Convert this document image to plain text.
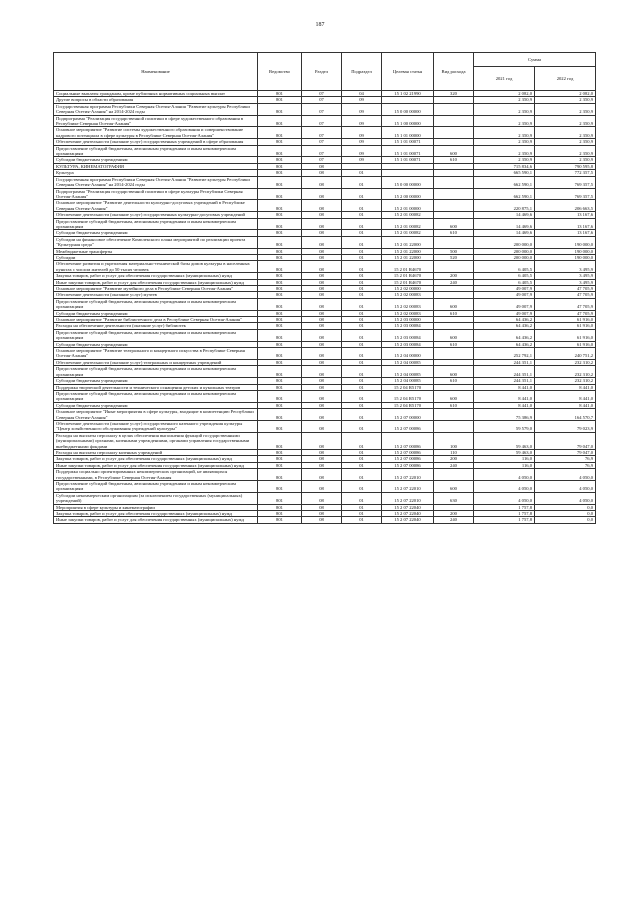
187
Наименование	Ведомство	Раздел	Подраздел	Целевая статья	Вид расхода	Сумма	
						2021 год	2022 год
Социальные выплаты гражданам, кроме публичных нормативных социальных выплат	801	07	04	15 1 02 21990	320	2 082,0	2 082,0
Другие вопросы в области образования	801	07	09			2 350,9	2 350,9
Государственная программа Республики Северная Осетия-Алания "Развитие культуры Республики Северная Осетия-Алания" на 2014-2024 годы	801	07	09	15 0 00 00000		2 350,9	2 350,9
Подпрограмма "Реализация государственной политики в сфере художественного образования в Республике Северная Осетия-Алания"	801	07	09	15 1 00 00000		2 350,9	2 350,9
Основное мероприятие "Развитие системы художественного образования и совершенствование кадрового потенциала в сфере культуры в Республике Северная Осетия-Алания"	801	07	09	15 1 01 00000		2 350,9	2 350,9
Обеспечение деятельности (оказание услуг) государственных учреждений в сфере образования	801	07	09	15 1 01 00071		2 350,9	2 350,9
Предоставление субсидий бюджетным, автономным учреждениям и иным некоммерческим организациям	801	07	09	15 1 01 00071	600	2 350,9	2 350,9
Субсидии бюджетным учреждениям	801	07	09	15 1 01 00071	610	2 350,9	2 350,9
КУЛЬТУРА, КИНЕМАТОГРАФИЯ	801	08				715 834,6	790 595,8
Культура	801	08	01			665 590,1	772 357,5
Государственная программа Республики Северная Осетия-Алания "Развитие культуры Республики Северная Осетия-Алания" на 2014-2024 годы	801	08	01	15 0 00 00000		662 590,1	769 357,5
Подпрограмма "Реализация государственной политики в сфере культуры Республики Северная Осетия-Алания"	801	08	01	15 2 00 00000		662 590,1	769 357,5
Основное мероприятие "Развитие деятельности культурно-досуговых учреждений в Республике Северная Осетия-Алания"	801	08	01	15 2 01 00000		220 875,1	206 663,5
Обеспечение деятельности (оказание услуг) государственных культурно-досуговых учреждений	801	08	01	15 2 01 00082		14 469,6	13 167,6
Предоставление субсидий бюджетным, автономным учреждениям и иным некоммерческим организациям	801	08	01	15 2 01 00082	600	14 469,6	13 167,6
Субсидии бюджетным учреждениям	801	08	01	15 2 01 00082	610	14 469,6	13 167,6
Субсидии на финансовое обеспечение Комплексного плана мероприятий по реализации проекта "Культурная среда"	801	08	01	15 2 01 22000		200 000,0	190 000,0
Межбюджетные трансферты	801	08	01	15 2 01 22000	500	200 000,0	190 000,0
Субсидии	801	08	01	15 2 01 22000	520	200 000,0	190 000,0
Обеспечение развития и укрепления материально-технической базы домов культуры в населенных пунктах с числом жителей до 50 тысяч человек	801	08	01	15 2 01 R4670		6 405,5	3 495,9
Закупка товаров, работ и услуг для обеспечения государственных (муниципальных) нужд	801	08	01	15 2 01 R4670	200	6 405,5	3 495,9
Иные закупки товаров, работ и услуг для обеспечения государственных (муниципальных) нужд	801	08	01	15 2 01 R4670	240	6 405,5	3 495,9
Основное мероприятие "Развитие музейного дела в Республике Северная Осетия-Алания"	801	08	01	15 2 02 00000		49 007,9	47 705,9
Обеспечение деятельности (оказание услуг) музеев	801	08	01	15 2 02 00083		49 007,9	47 705,9
Предоставление субсидий бюджетным, автономным учреждениям и иным некоммерческим организациям	801	08	01	15 2 02 00083	600	49 007,9	47 705,9
Субсидии бюджетным учреждениям	801	08	01	15 2 02 00083	610	49 007,9	47 705,9
Основное мероприятие "Развитие библиотечного дела в Республике Северная Осетия-Алания"	801	08	01	15 2 03 00000		64 436,2	61 916,0
Расходы на обеспечение деятельности (оказание услуг) библиотек	801	08	01	15 2 03 00084		64 436,2	61 916,0
Предоставление субсидий бюджетным, автономным учреждениям и иным некоммерческим организациям	801	08	01	15 2 03 00084	600	64 436,2	61 916,0
Субсидии бюджетным учреждениям	801	08	01	15 2 03 00084	610	64 436,2	61 916,0
Основное мероприятие "Развитие театрального и концертного искусства в Республике Северная Осетия-Алания"	801	08	01	15 2 04 00000		252 792,1	240 751,2
Обеспечение деятельности (оказание услуг) театральных и концертных учреждений	801	08	01	15 2 04 00085		244 351,1	232 310,2
Предоставление субсидий бюджетным, автономным учреждениям и иным некоммерческим организациям	801	08	01	15 2 04 00085	600	244 351,1	232 310,2
Субсидии бюджетным учреждениям	801	08	01	15 2 04 00085	610	244 351,1	232 310,2
Поддержка творческой деятельности и технического оснащения детских и кукольных театров	801	08	01	15 2 04 R5170		8 441,0	8 441,0
Предоставление субсидий бюджетным, автономным учреждениям и иным некоммерческим организациям	801	08	01	15 2 04 R5170	600	8 441,0	8 441,0
Субсидии бюджетным учреждениям	801	08	01	15 2 04 R5170	610	8 441,0	8 441,0
Основное мероприятие "Иные мероприятия в сфере культуры, входящие в компетенцию Республики Северная Осетия-Алания"	801	08	01	15 2 07 00000		75 386,9	164 570,7
Обеспечение деятельности (оказание услуг) государственного казенного учреждения культуры "Центр хозяйственного обслуживания учреждений культуры"	801	08	01	15 2 07 00086		59 579,0	79 023,9
Расходы на выплаты персоналу в целях обеспечения выполнения функций государственными (муниципальными) органами, казенными учреждениями, органами управления государственными внебюджетными фондами	801	08	01	15 2 07 00086	100	59 463,0	79 047,0
Расходы на выплаты персоналу казенных учреждений	801	08	01	15 2 07 00086	110	59 463,0	79 047,0
Закупка товаров, работ и услуг для обеспечения государственных (муниципальных) нужд	801	08	01	15 2 07 00086	200	116,0	76,9
Иные закупки товаров, работ и услуг для обеспечения государственных (муниципальных) нужд	801	08	01	15 2 07 00086	240	116,0	76,9
Поддержка социально ориентированных некоммерческих организаций, не являющихся государственными, в Республике Северная Осетия-Алания	801	08	01	15 2 07 22010		4 050,0	4 050,0
Предоставление субсидий бюджетным, автономным учреждениям и иным некоммерческим организациям	801	08	01	15 2 07 22010	600	4 050,0	4 050,0
Субсидии некоммерческим организациям (за исключением государственных (муниципальных) учреждений)	801	08	01	15 2 07 22010	630	4 050,0	4 050,0
Мероприятия в сфере культуры и кинематографии	801	08	01	15 2 07 22040		1 757,8	0,0
Закупка товаров, работ и услуг для обеспечения государственных (муниципальных) нужд	801	08	01	15 2 07 22040	200	1 757,8	0,0
Иные закупки товаров, работ и услуг для обеспечения государственных (муниципальных) нужд	801	08	01	15 2 07 22040	240	1 757,8	0,0
